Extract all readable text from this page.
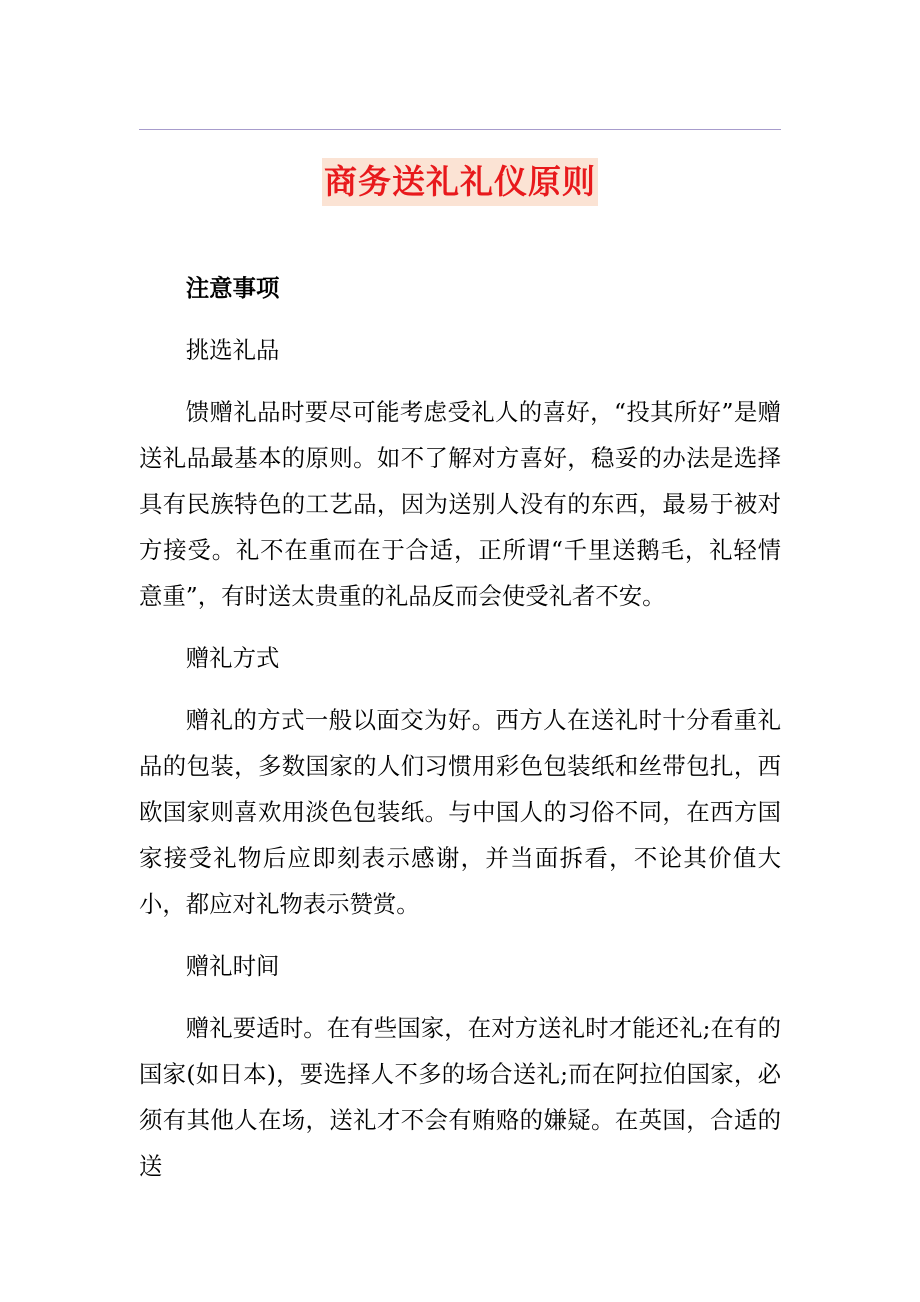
商务送礼礼仪原则

注意事项

挑选礼品

馈赠礼品时要尽可能考虑受礼人的喜好，“投其所好”是赠送礼品最基本的原则。如不了解对方喜好，稳妥的办法是选择具有民族特色的工艺品，因为送别人没有的东西，最易于被对方接受。礼不在重而在于合适，正所谓“千里送鹅毛，礼轻情意重”，有时送太贵重的礼品反而会使受礼者不安。

赠礼方式

赠礼的方式一般以面交为好。西方人在送礼时十分看重礼品的包装，多数国家的人们习惯用彩色包装纸和丝带包扎，西欧国家则喜欢用淡色包装纸。与中国人的习俗不同，在西方国家接受礼物后应即刻表示感谢，并当面拆看，不论其价值大小，都应对礼物表示赞赏。

赠礼时间

赠礼要适时。在有些国家，在对方送礼时才能还礼;在有的国家(如日本)，要选择人不多的场合送礼;而在阿拉伯国家，必须有其他人在场，送礼才不会有贿赂的嫌疑。在英国，合适的送
